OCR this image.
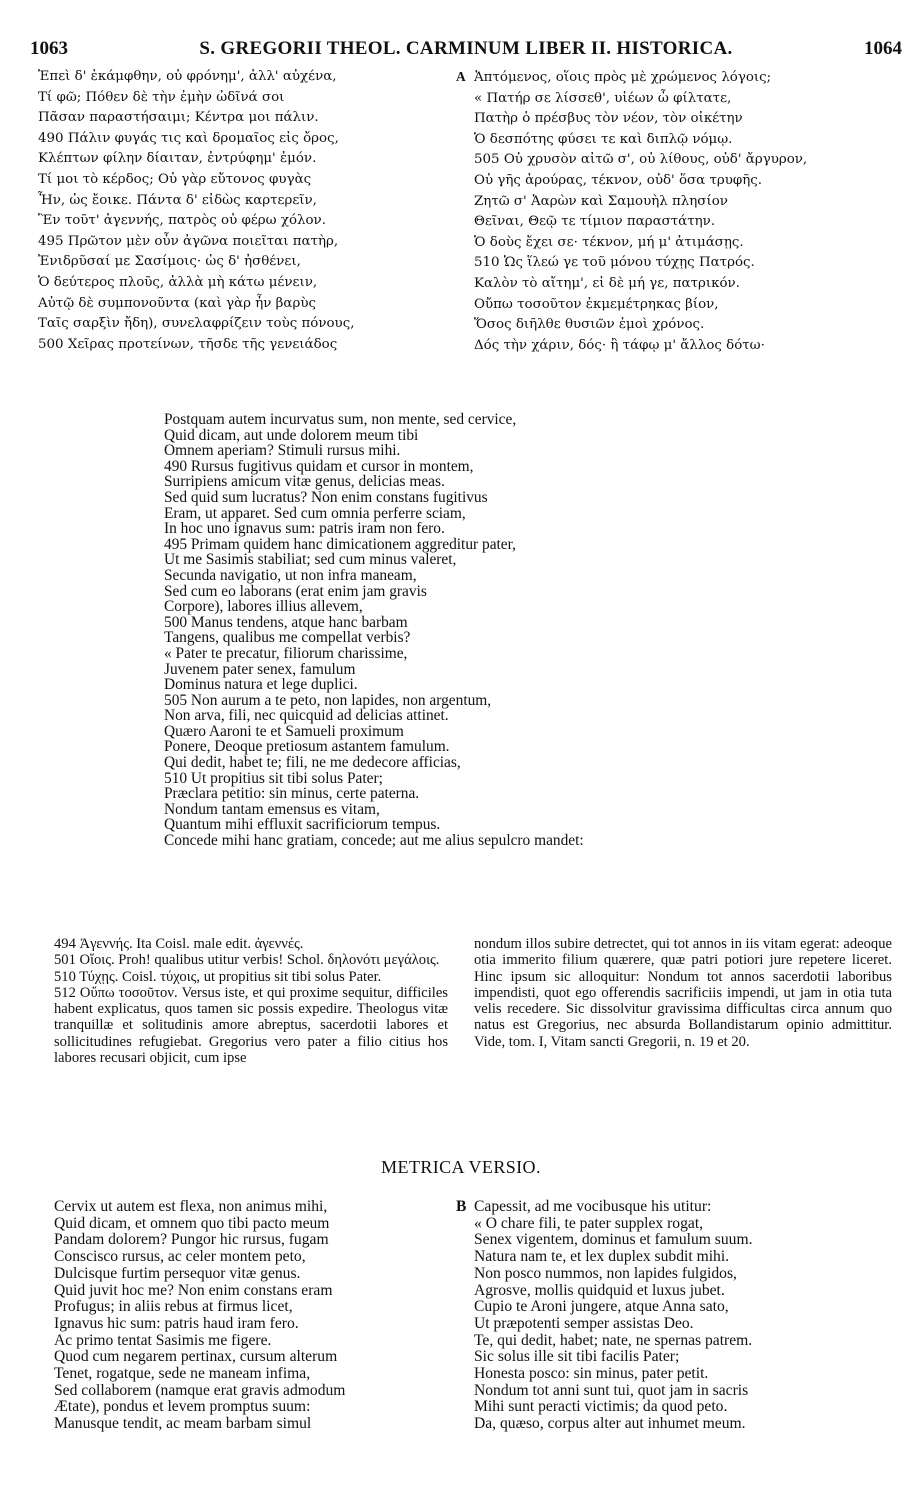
1063	S. GREGORII THEOL. CARMINUM LIBER II. HISTORICA.	1064
Ἐπεὶ δ' ἐκάμφθην, οὐ φρόνημ', ἀλλ' αὐχένα,
Τί φῶ; Πόθεν δὲ τὴν ἐμὴν ὠδῖνά σοι
Πᾶσαν παραστήσαιμι; Κέντρα μοι πάλιν.
490 Πάλιν φυγάς τις καὶ δρομαῖος εἰς ὄρος,
Κλέπτων φίλην δίαιταν, ἐντρύφημ' ἐμόν.
Τί μοι τὸ κέρδος; Οὐ γὰρ εὔτονος φυγὰς
Ἦν, ὡς ἔοικε. Πάντα δ' εἰδὼς καρτερεῖν,
Ἓν τοῦτ' ἀγεννής, πατρὸς οὐ φέρω χόλον.
495 Πρῶτον μὲν οὖν ἀγῶνα ποιεῖται πατὴρ,
Ἐνιδρῦσαί με Σασίμοις· ὡς δ' ἠσθένει,
Ὁ δεύτερος πλοῦς, ἀλλὰ μὴ κάτω μένειν,
Αὐτῷ δὲ συμπονοῦντα (καὶ γὰρ ἦν βαρὺς
Ταῖς σαρξὶν ἤδη), συνελαφρίζειν τοὺς πόνους,
500 Χεῖρας προτείνων, τῆσδε τῆς γενειάδος
A Ἁπτόμενος, οἵοις πρὸς μὲ χρώμενος λόγοις;
« Πατήρ σε λίσσεθ', υἱέων ὦ φίλτατε,
Πατὴρ ὁ πρέσβυς τὸν νέον, τὸν οἰκέτην
Ὁ δεσπότης φύσει τε καὶ διπλῷ νόμῳ.
505 Οὐ χρυσὸν αἰτῶ σ', οὐ λίθους, οὐδ' ἄργυρον,
Οὐ γῆς ἀρούρας, τέκνον, οὐδ' ὅσα τρυφῆς.
Ζητῶ σ' Ἀαρὼν καὶ Σαμουὴλ πλησίον
Θεῖναι, Θεῷ τε τίμιον παραστάτην.
Ὁ δοὺς ἔχει σε· τέκνον, μή μ' ἀτιμάσῃς.
510 Ὡς ἵλεώ γε τοῦ μόνου τύχῃς Πατρός.
Καλὸν τὸ αἴτημ', εἰ δὲ μή γε, πατρικόν.
Οὔπω τοσοῦτον ἐκμεμέτρηκας βίον,
Ὅσος διῆλθε θυσιῶν ἐμοὶ χρόνος.
Δός τὴν χάριν, δός· ἢ τάφῳ μ' ἄλλος δότω·
Postquam autem incurvatus sum, non mente, sed cervice,
Quid dicam, aut unde dolorem meum tibi
Omnem aperiam? Stimuli rursus mihi.
490 Rursus fugitivus quidam et cursor in montem,
Surripiens amicum vitæ genus, delicias meas.
Sed quid sum lucratus? Non enim constans fugitivus
Eram, ut apparet. Sed cum omnia perferre sciam,
In hoc uno ignavus sum: patris iram non fero.
495 Primam quidem hanc dimicationem aggreditur pater,
Ut me Sasimis stabiliat; sed cum minus valeret,
Secunda navigatio, ut non infra maneam,
Sed cum eo laborans (erat enim jam gravis
Corpore), labores illius allevem,
500 Manus tendens, atque hanc barbam
Tangens, qualibus me compellat verbis?
« Pater te precatur, filiorum charissime,
Juvenem pater senex, famulum
Dominus natura et lege duplici.
505 Non aurum a te peto, non lapides, non argentum,
Non arva, fili, nec quicquid ad delicias attinet.
Quæro Aaroni te et Samueli proximum
Ponere, Deoque pretiosum astantem famulum.
Qui dedit, habet te; fili, ne me dedecore afficias,
510 Ut propitius sit tibi solus Pater;
Præclara petitio: sin minus, certe paterna.
Nondum tantam emensus es vitam,
Quantum mihi effluxit sacrificiorum tempus.
Concede mihi hanc gratiam, concede; aut me alius sepulcro mandet:

494 Ἀγεννής. Ita Coisl. male edit. ἀγεννές.

501 Οἵοις. Proh! qualibus utitur verbis! Schol. δηλονότι μεγάλοις.

510 Τύχῃς. Coisl. τύχοις, ut propitius sit tibi solus Pater.

512 Οὔπω τοσοῦτον. Versus iste, et qui proxime sequitur, difficiles habent explicatus, quos tamen sic possis expedire. Theologus vitæ tranquillæ et solitudinis amore abreptus, sacerdotii labores et sollicitudines refugiebat. Gregorius vero pater a filio citius hos labores recusari objicit, cum ipse

nondum illos subire detrectet, qui tot annos in iis vitam egerat: adeoque otia immerito filium quærere, quæ patri potiori jure repetere liceret. Hinc ipsum sic alloquitur: Nondum tot annos sacerdotii laboribus impendisti, quot ego offerendis sacrificiis impendi, ut jam in otia tuta velis recedere. Sic dissolvitur gravissima difficultas circa annum quo natus est Gregorius, nec absurda Bollandistarum opinio admittitur. Vide, tom. I, Vitam sancti Gregorii, n. 19 et 20.

METRICA VERSIO.
Cervix ut autem est flexa, non animus mihi,
Quid dicam, et omnem quo tibi pacto meum
Pandam dolorem? Pungor hic rursus, fugam
Conscisco rursus, ac celer montem peto,
Dulcisque furtim persequor vitæ genus.
Quid juvit hoc me? Non enim constans eram
Profugus; in aliis rebus at firmus licet,
Ignavus hic sum: patris haud iram fero.
Ac primo tentat Sasimis me figere.
Quod cum negarem pertinax, cursum alterum
Tenet, rogatque, sede ne maneam infima,
Sed collaborem (namque erat gravis admodum
Ætate), pondus et levem promptus suum:
Manusque tendit, ac meam barbam simul
B Capessit, ad me vocibusque his utitur:
« O chare fili, te pater supplex rogat,
Senex vigentem, dominus et famulum suum.
Natura nam te, et lex duplex subdit mihi.
Non posco nummos, non lapides fulgidos,
Agrosve, mollis quidquid et luxus jubet.
Cupio te Aroni jungere, atque Anna sato,
Ut præpotenti semper assistas Deo.
Te, qui dedit, habet; nate, ne spernas patrem.
Sic solus ille sit tibi facilis Pater;
Honesta posco: sin minus, pater petit.
Nondum tot anni sunt tui, quot jam in sacris
Mihi sunt peracti victimis; da quod peto.
Da, quæso, corpus alter aut inhumet meum.
